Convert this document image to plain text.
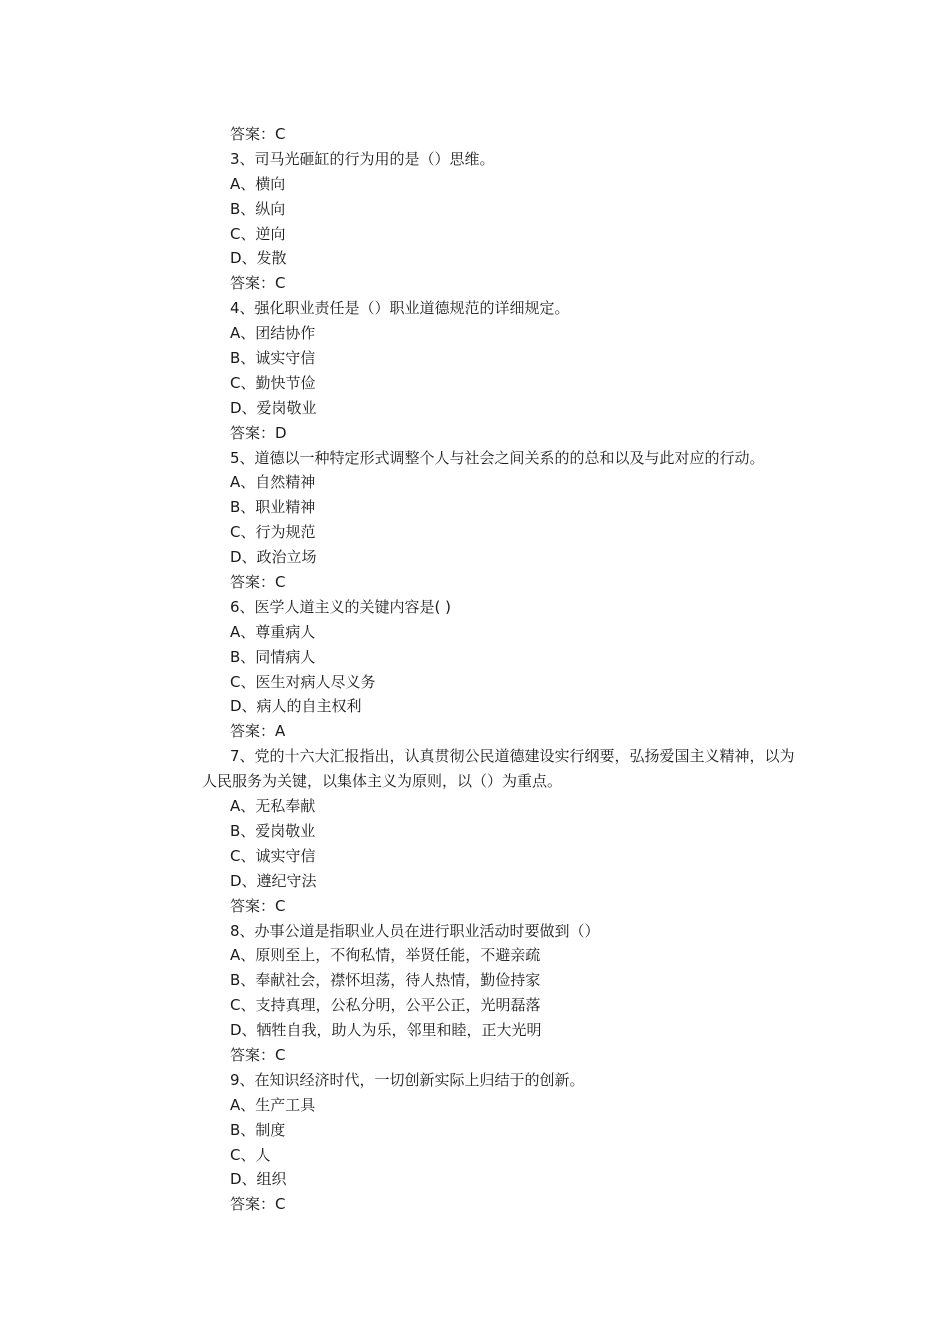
答案：C
3、司马光砸缸的行为用的是（）思维。
A、横向
B、纵向
C、逆向
D、发散
答案：C
4、强化职业责任是（）职业道德规范的详细规定。
A、团结协作
B、诚实守信
C、勤快节俭
D、爱岗敬业
答案：D
5、道德以一种特定形式调整个人与社会之间关系的的总和以及与此对应的行动。
A、自然精神
B、职业精神
C、行为规范
D、政治立场
答案：C
6、医学人道主义的关键内容是( )
A、尊重病人
B、同情病人
C、医生对病人尽义务
D、病人的自主权利
答案：A
7、党的十六大汇报指出，认真贯彻公民道德建设实行纲要，弘扬爱国主义精神，以为
人民服务为关键，以集体主义为原则，以（）为重点。
A、无私奉献
B、爱岗敬业
C、诚实守信
D、遵纪守法
答案：C
8、办事公道是指职业人员在进行职业活动时要做到（）
A、原则至上，不徇私情，举贤任能，不避亲疏
B、奉献社会，襟怀坦荡，待人热情，勤俭持家
C、支持真理，公私分明，公平公正，光明磊落
D、牺牲自我，助人为乐，邻里和睦，正大光明
答案：C
9、在知识经济时代，一切创新实际上归结于的创新。
A、生产工具
B、制度
C、人
D、组织
答案：C
